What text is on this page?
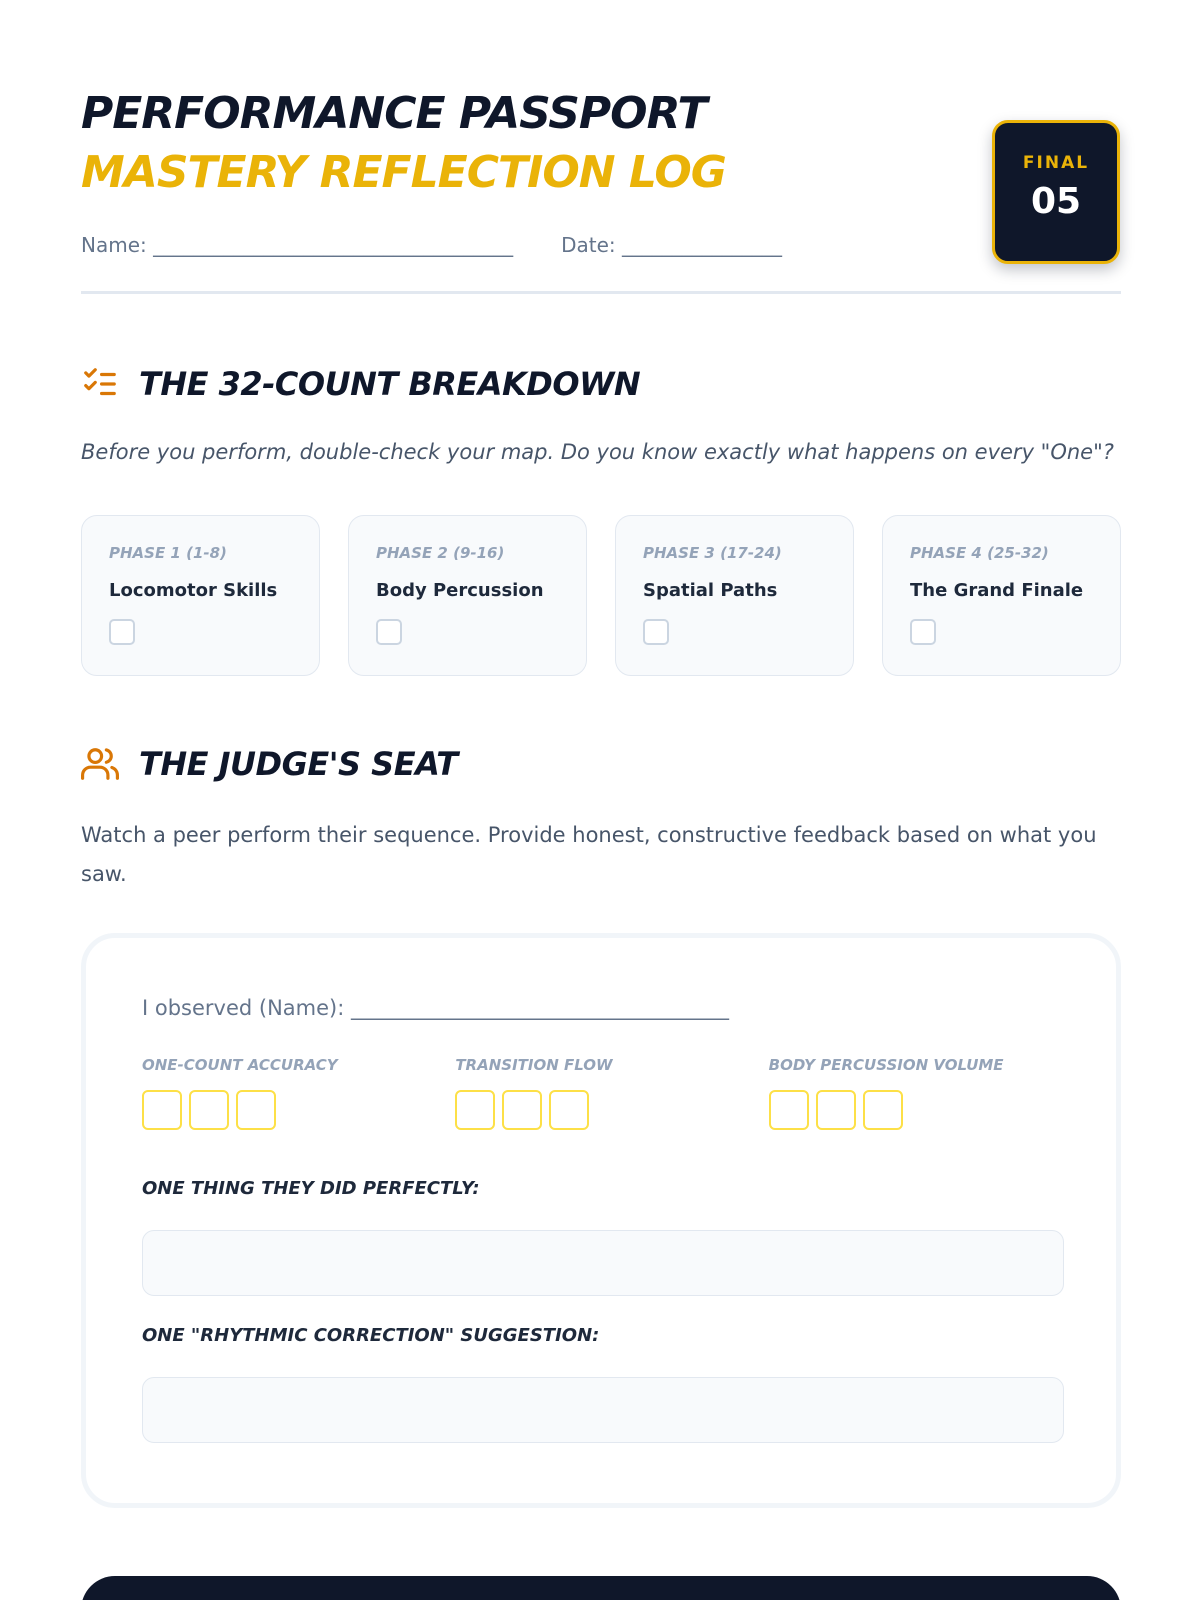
PERFORMANCE PASSPORT
MASTERY REFLECTION LOG
Name: ____________________________________ Date: ________________
FINAL
05
THE 32-COUNT BREAKDOWN
Before you perform, double-check your map. Do you know exactly what happens on every "One"?
PHASE 1 (1-8)
Locomotor Skills
PHASE 2 (9-16)
Body Percussion
PHASE 3 (17-24)
Spatial Paths
PHASE 4 (25-32)
The Grand Finale
THE JUDGE'S SEAT
Watch a peer perform their sequence. Provide honest, constructive feedback based on what you saw.
I observed (Name): ____________________________________
ONE-COUNT ACCURACY	TRANSITION FLOW	BODY PERCUSSION VOLUME
ONE THING THEY DID PERFECTLY:
ONE "RHYTHMIC CORRECTION" SUGGESTION:
